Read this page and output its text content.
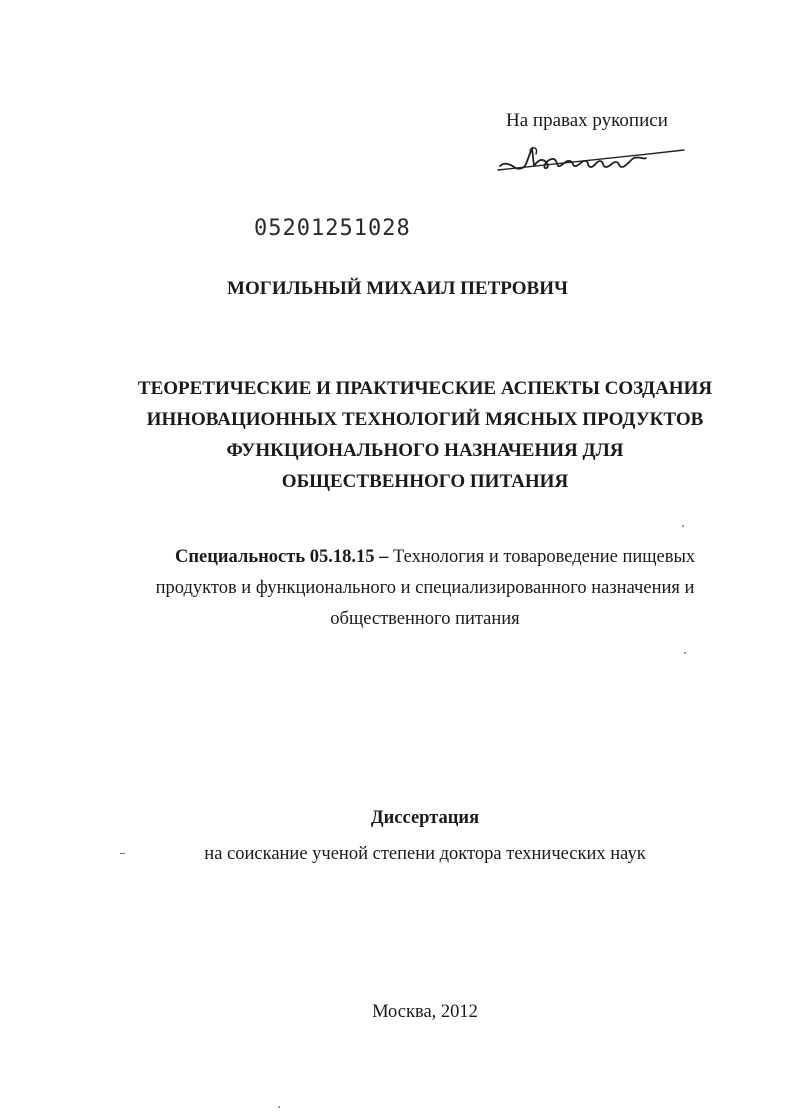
На правах рукописи
05201251028
МОГИЛЬНЫЙ МИХАИЛ ПЕТРОВИЧ
ТЕОРЕТИЧЕСКИЕ И ПРАКТИЧЕСКИЕ АСПЕКТЫ СОЗДАНИЯ
ИННОВАЦИОННЫХ ТЕХНОЛОГИЙ МЯСНЫХ ПРОДУКТОВ
ФУНКЦИОНАЛЬНОГО НАЗНАЧЕНИЯ ДЛЯ
ОБЩЕСТВЕННОГО ПИТАНИЯ
Специальность 05.18.15 – Технология и товароведение пищевых
продуктов и функционального и специализированного назначения и
общественного питания
Диссертация
на соискание ученой степени доктора технических наук
Москва, 2012
